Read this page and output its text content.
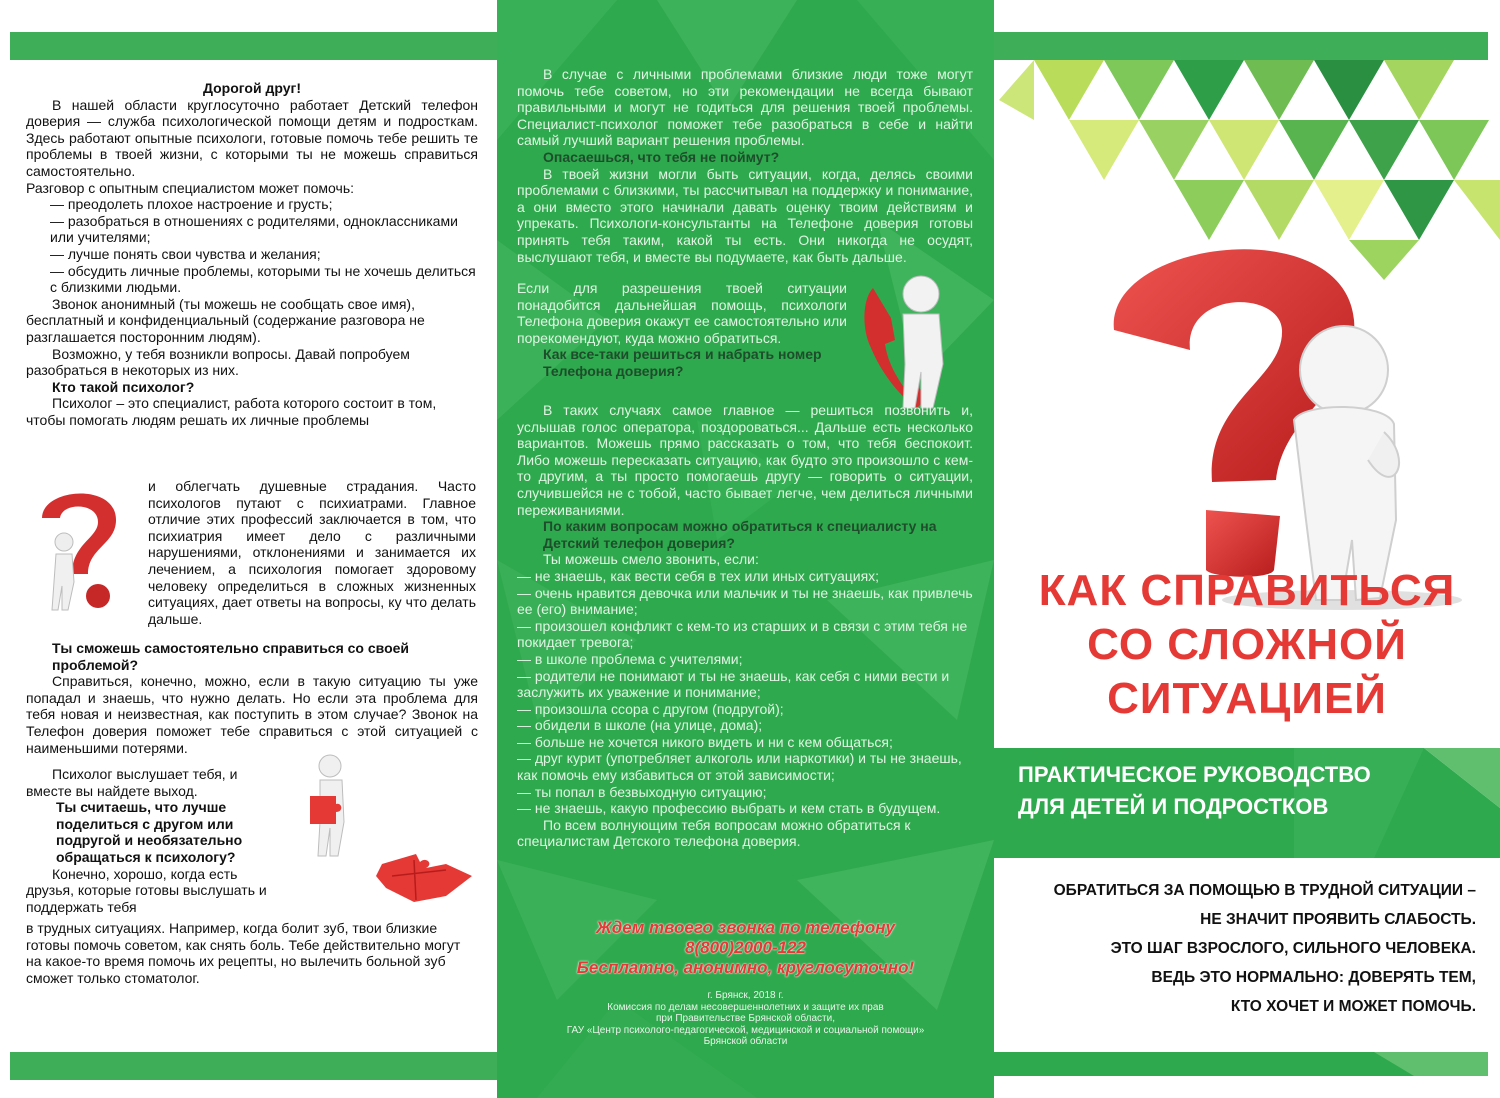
Дорогой друг!

В нашей области круглосуточно работает Детский телефон доверия — служба психологической помощи детям и подросткам. Здесь работают опытные психологи, готовые помочь тебе решить те проблемы в твоей жизни, с которыми ты не можешь справиться самостоятельно.

Разговор с опытным специалистом может помочь:

— преодолеть плохое настроение и грусть;

— разобраться в отношениях с родителями, одноклассниками или учителями;

— лучше понять свои чувства и желания;

— обсудить личные проблемы, которыми ты не хочешь делиться с близкими людьми.

Звонок анонимный (ты можешь не сообщать свое имя), бесплатный и конфиденциальный (содержание разговора не разглашается посторонним людям).

Возможно, у тебя возникли вопросы. Давай попробуем разобраться в некоторых из них.

Кто такой психолог?

Психолог – это специалист, работа которого состоит в том, чтобы помогать людям решать их личные проблемы

и облегчать душевные страдания. Часто психологов путают с психиатрами. Главное отличие этих профессий заключается в том, что психиатрия имеет дело с различными нарушениями, отклонениями и занимается их лечением, а психология помогает здоровому человеку определиться в сложных жизненных ситуациях, дает ответы на вопросы, ку что делать дальше.

Ты сможешь самостоятельно справиться со своей проблемой?

Справиться, конечно, можно, если в такую ситуацию ты уже попадал и знаешь, что нужно делать. Но если эта проблема для тебя новая и неизвестная, как поступить в этом случае? Звонок на Телефон доверия поможет тебе справиться с этой ситуацией с наименьшими потерями.

Психолог выслушает тебя, и вместе вы найдете выход.

Ты считаешь, что лучше поделиться с другом или подругой и необязательно обращаться к психологу?

Конечно, хорошо, когда есть друзья, которые готовы выслушать и поддержать тебя

в трудных ситуациях. Например, когда болит зуб, твои близкие готовы помочь советом, как снять боль. Тебе действительно могут на какое-то время помочь их рецепты, но вылечить больной зуб сможет только стоматолог.

В случае с личными проблемами близкие люди тоже могут помочь тебе советом, но эти рекомендации не всегда бывают правильными и могут не годиться для решения твоей проблемы. Специалист-психолог поможет тебе разобраться в себе и найти самый лучший вариант решения проблемы.

Опасаешься, что тебя не поймут?

В твоей жизни могли быть ситуации, когда, делясь своими проблемами с близкими, ты рассчитывал на поддержку и понимание, а они вместо этого начинали давать оценку твоим действиям и упрекать. Психологи-консультанты на Телефоне доверия готовы принять тебя таким, какой ты есть. Они никогда не осудят, выслушают тебя, и вместе вы подумаете, как быть дальше.

Если для разрешения твоей ситуации понадобится дальнейшая помощь, психологи Телефона доверия окажут ее самостоятельно или порекомендуют, куда можно обратиться.

Как все-таки решиться и набрать номер Телефона доверия?

В таких случаях самое главное — решиться позвонить и, услышав голос оператора, поздороваться... Дальше есть несколько вариантов. Можешь прямо рассказать о том, что тебя беспокоит. Либо можешь пересказать ситуацию, как будто это произошло с кем-то другим, а ты просто помогаешь другу — говорить о ситуации, случившейся не с тобой, часто бывает легче, чем делиться личными переживаниями.

По каким вопросам можно обратиться к специалисту на Детский телефон доверия?

Ты можешь смело звонить, если:

— не знаешь, как вести себя в тех или иных ситуациях;

— очень нравится девочка или мальчик и ты не знаешь, как привлечь ее (его) внимание;

— произошел конфликт с кем-то из старших и в связи с этим тебя не покидает тревога;

— в школе проблема с учителями;

— родители не понимают и ты не знаешь, как себя с ними вести и заслужить их уважение и понимание;

— произошла ссора с другом (подругой);

— обидели в школе (на улице, дома);

— больше не хочется никого видеть и ни с кем общаться;

— друг курит (употребляет алкоголь или наркотики) и ты не знаешь, как помочь ему избавиться от этой зависимости;

— ты попал в безвыходную ситуацию;

— не знаешь, какую профессию выбрать и кем стать в будущем.

По всем волнующим тебя вопросам можно обратиться к специалистам Детского телефона доверия.

Ждем твоего звонка по телефону
8(800)2000-122
Бесплатно, анонимно, круглосуточно!
г. Брянск, 2018 г.
Комиссия по делам несовершеннолетних и защите их прав
при Правительстве Брянской области,
ГАУ «Центр психолого-педагогической, медицинской и социальной помощи»
Брянской области
КАК СПРАВИТЬСЯ
СО СЛОЖНОЙ
СИТУАЦИЕЙ
ПРАКТИЧЕСКОЕ РУКОВОДСТВО
ДЛЯ ДЕТЕЙ И ПОДРОСТКОВ
ОБРАТИТЬСЯ ЗА ПОМОЩЬЮ В ТРУДНОЙ СИТУАЦИИ –
НЕ ЗНАЧИТ ПРОЯВИТЬ СЛАБОСТЬ.
ЭТО ШАГ ВЗРОСЛОГО, СИЛЬНОГО ЧЕЛОВЕКА.
ВЕДЬ ЭТО НОРМАЛЬНО: ДОВЕРЯТЬ ТЕМ,
КТО ХОЧЕТ И МОЖЕТ ПОМОЧЬ.
